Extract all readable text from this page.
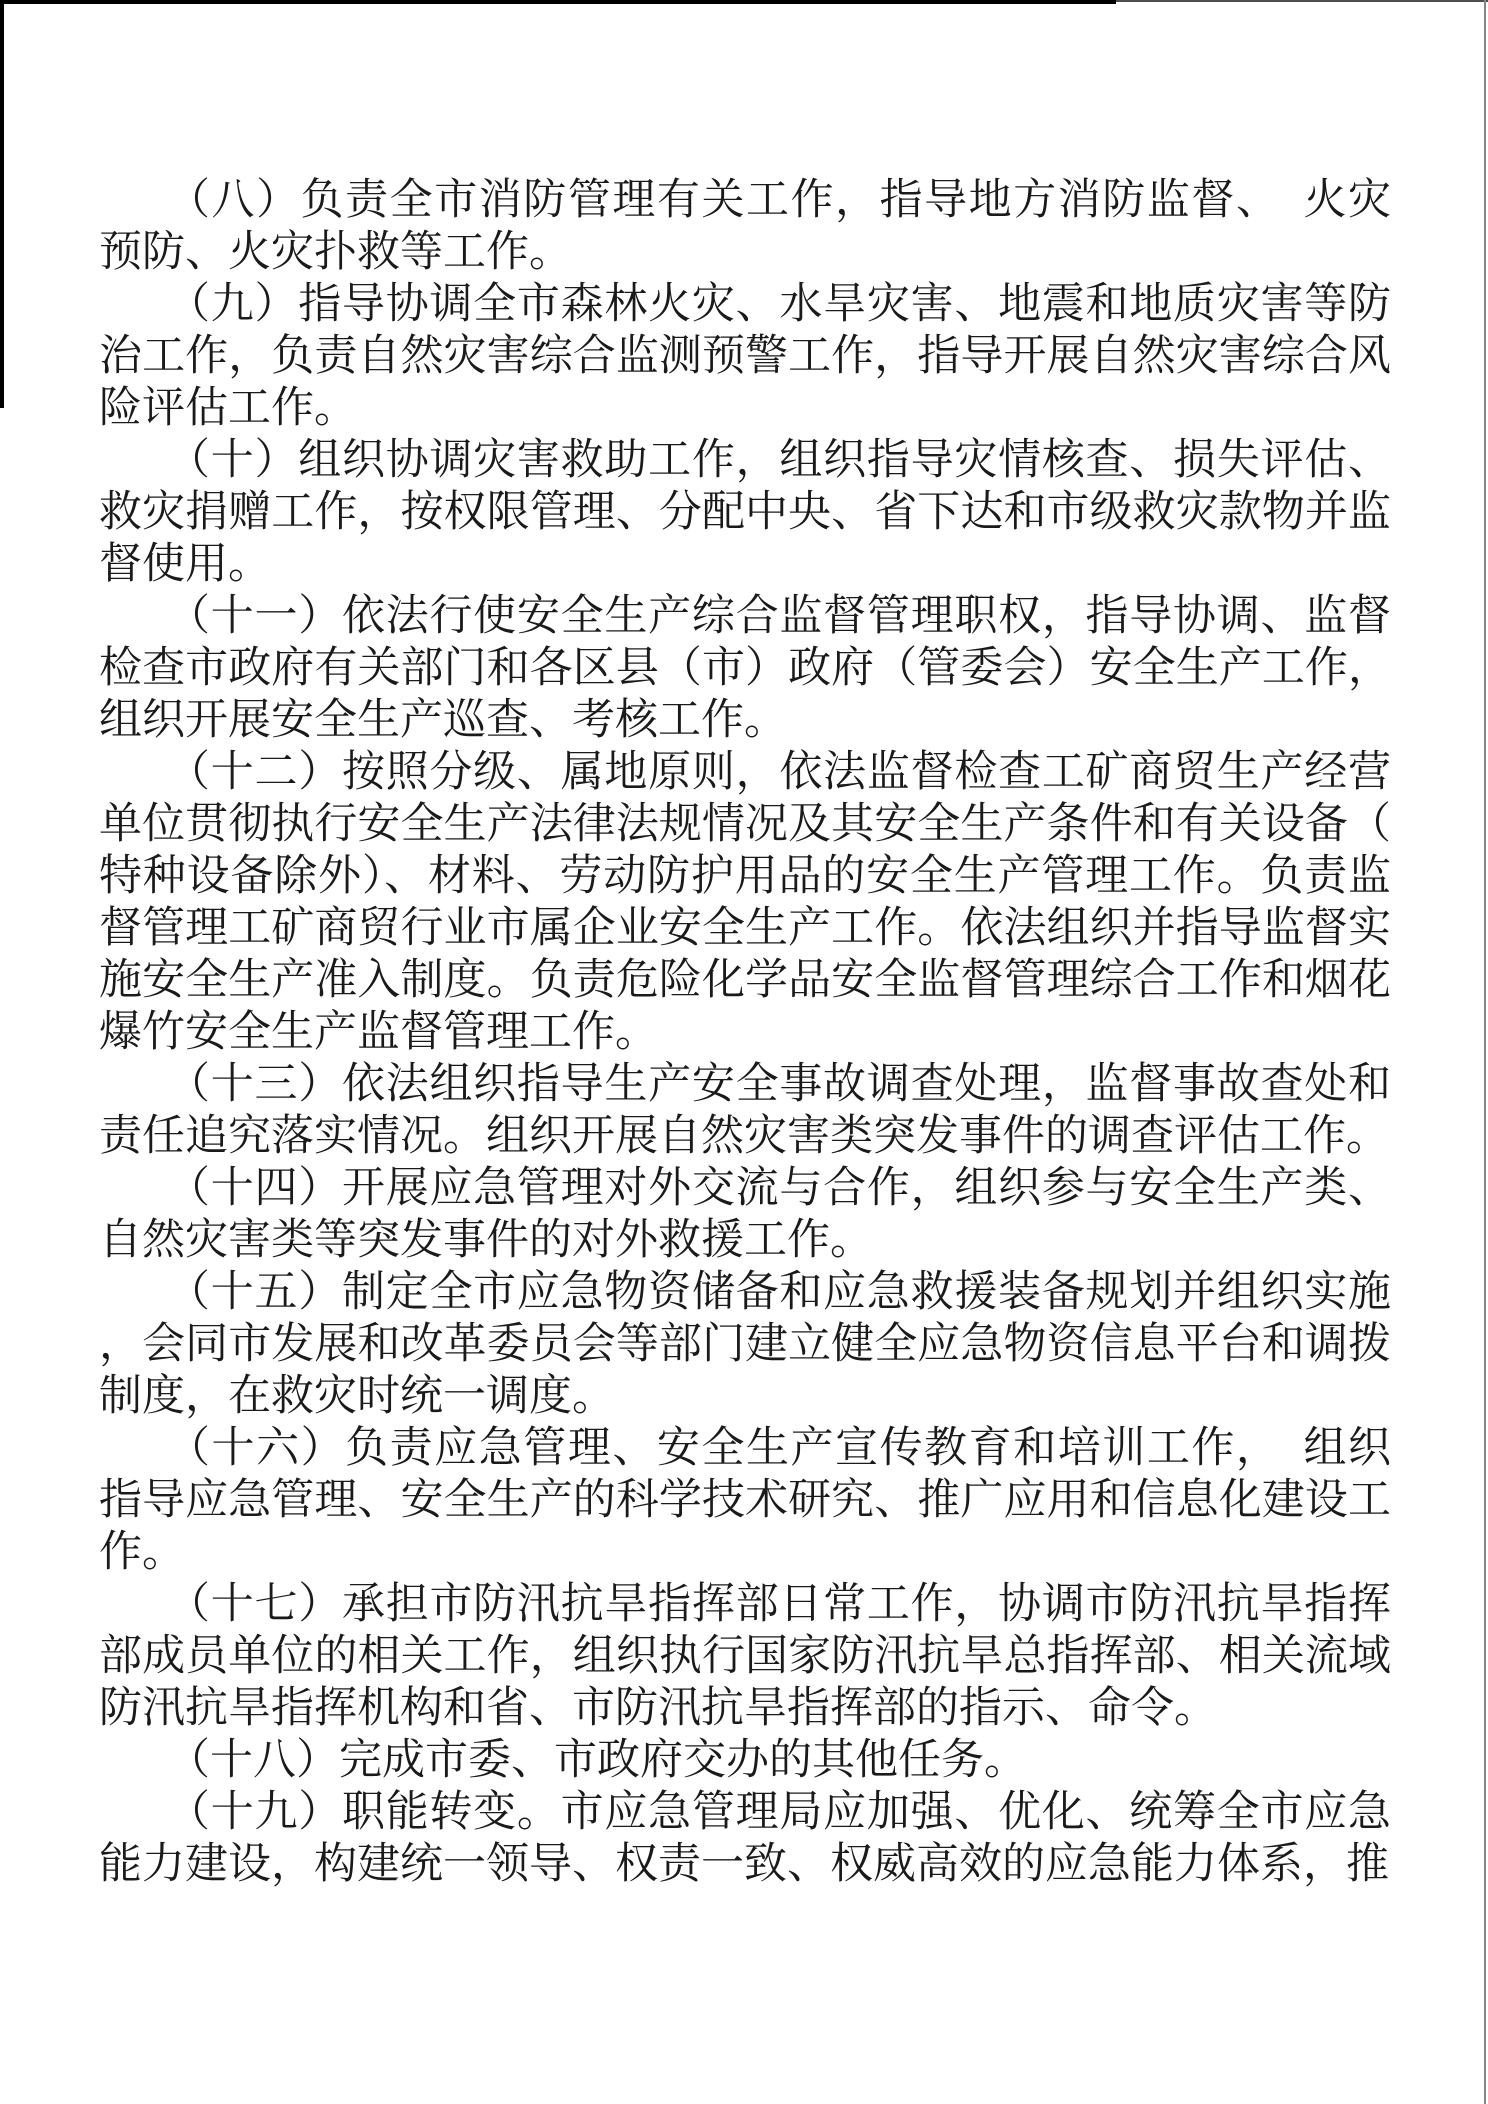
（八）负责全市消防管理有关工作，指导地方消防监督、　火灾
预防、火灾扑救等工作。
（九）指导协调全市森林火灾、水旱灾害、地震和地质灾害等防
治工作，负责自然灾害综合监测预警工作，指导开展自然灾害综合风
险评估工作。
（十）组织协调灾害救助工作，组织指导灾情核查、损失评估、
救灾捐赠工作，按权限管理、分配中央、省下达和市级救灾款物并监
督使用。
（十一）依法行使安全生产综合监督管理职权，指导协调、监督
检查市政府有关部门和各区县（市）政府（管委会）安全生产工作，
组织开展安全生产巡查、考核工作。
（十二）按照分级、属地原则，依法监督检查工矿商贸生产经营
单位贯彻执行安全生产法律法规情况及其安全生产条件和有关设备（
特种设备除外）、材料、劳动防护用品的安全生产管理工作。负责监
督管理工矿商贸行业市属企业安全生产工作。依法组织并指导监督实
施安全生产准入制度。负责危险化学品安全监督管理综合工作和烟花
爆竹安全生产监督管理工作。
（十三）依法组织指导生产安全事故调查处理，监督事故查处和
责任追究落实情况。组织开展自然灾害类突发事件的调查评估工作。
（十四）开展应急管理对外交流与合作，组织参与安全生产类、
自然灾害类等突发事件的对外救援工作。
（十五）制定全市应急物资储备和应急救援装备规划并组织实施
，会同市发展和改革委员会等部门建立健全应急物资信息平台和调拨
制度，在救灾时统一调度。
（十六）负责应急管理、安全生产宣传教育和培训工作，　组织
指导应急管理、安全生产的科学技术研究、推广应用和信息化建设工
作。
（十七）承担市防汛抗旱指挥部日常工作，协调市防汛抗旱指挥
部成员单位的相关工作，组织执行国家防汛抗旱总指挥部、相关流域
防汛抗旱指挥机构和省、市防汛抗旱指挥部的指示、命令。
（十八）完成市委、市政府交办的其他任务。
（十九）职能转变。市应急管理局应加强、优化、统筹全市应急
能力建设，构建统一领导、权责一致、权威高效的应急能力体系，推
